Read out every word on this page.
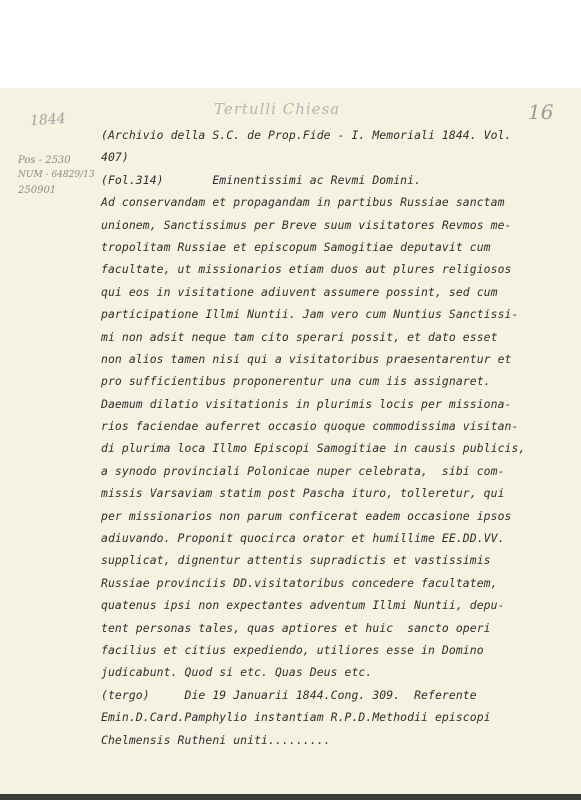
1844
Tertulli Chiesa	16
Pos - 2530
NUM - 64829/13
250901
(Archivio della S.C. de Prop.Fide - I. Memoriali 1844. Vol.
407)
(Fol.314)       Eminentissimi ac Revmi Domini.
Ad conservandam et propagandam in partibus Russiae sanctam
unionem, Sanctissimus per Breve suum visitatores Revmos me-
tropolitam Russiae et episcopum Samogitiae deputavit cum
facultate, ut missionarios etiam duos aut plures religiosos
qui eos in visitatione adiuvent assumere possint, sed cum
participatione Illmi Nuntii. Jam vero cum Nuntius Sanctissi-
mi non adsit neque tam cito sperari possit, et dato esset
non alios tamen nisi qui a visitatoribus praesentarentur et
pro sufficientibus proponerentur una cum iis assignaret.
Daemum dilatio visitationis in plurimis locis per missiona-
rios faciendae auferret occasio quoque commodissima visitan-
di plurima loca Illmo Episcopi Samogitiae in causis publicis,
a synodo provinciali Polonicae nuper celebrata,  sibi com-
missis Varsaviam statim post Pascha ituro, tolleretur, qui
per missionarios non parum conficerat eadem occasione ipsos
adiuvando. Proponit quocirca orator et humillime EE.DD.VV.
supplicat, dignentur attentis supradictis et vastissimis
Russiae provinciis DD.visitatoribus concedere facultatem,
quatenus ipsi non expectantes adventum Illmi Nuntii, depu-
tent personas tales, quas aptiores et huic  sancto operi
facilius et citius expediendo, utiliores esse in Domino
judicabunt. Quod si etc. Quas Deus etc.
(tergo)     Die 19 Januarii 1844.Cong. 309.  Referente
Emin.D.Card.Pamphylio instantiam R.P.D.Methodii episcopi
Chelmensis Rutheni uniti.........
